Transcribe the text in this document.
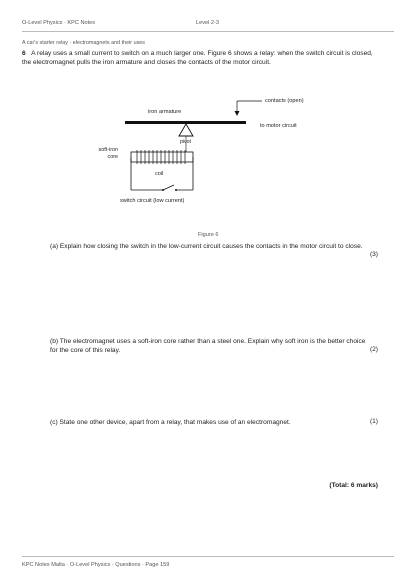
O-Level Physics · KPC Notes	Level 2-3
A car's starter relay · electromagnets and their uses
6 A relay uses a small current to switch on a much larger one. Figure 6 shows a relay: when the switch circuit is closed, the electromagnet pulls the iron armature and closes the contacts of the motor circuit.
iron armature
contacts (open)
to motor circuit
pivot
soft-iron
core
coil
switch circuit (low current)
Figure 6
(a) Explain how closing the switch in the low-current circuit causes the contacts in the motor circuit to close.
(3)
(b) The electromagnet uses a soft-iron core rather than a steel one. Explain why soft iron is the better choice for the core of this relay.	(2)
(c) State one other device, apart from a relay, that makes use of an electromagnet.	(1)
(Total: 6 marks)
KPC Notes Malta · O-Level Physics · Questions · Page 159
